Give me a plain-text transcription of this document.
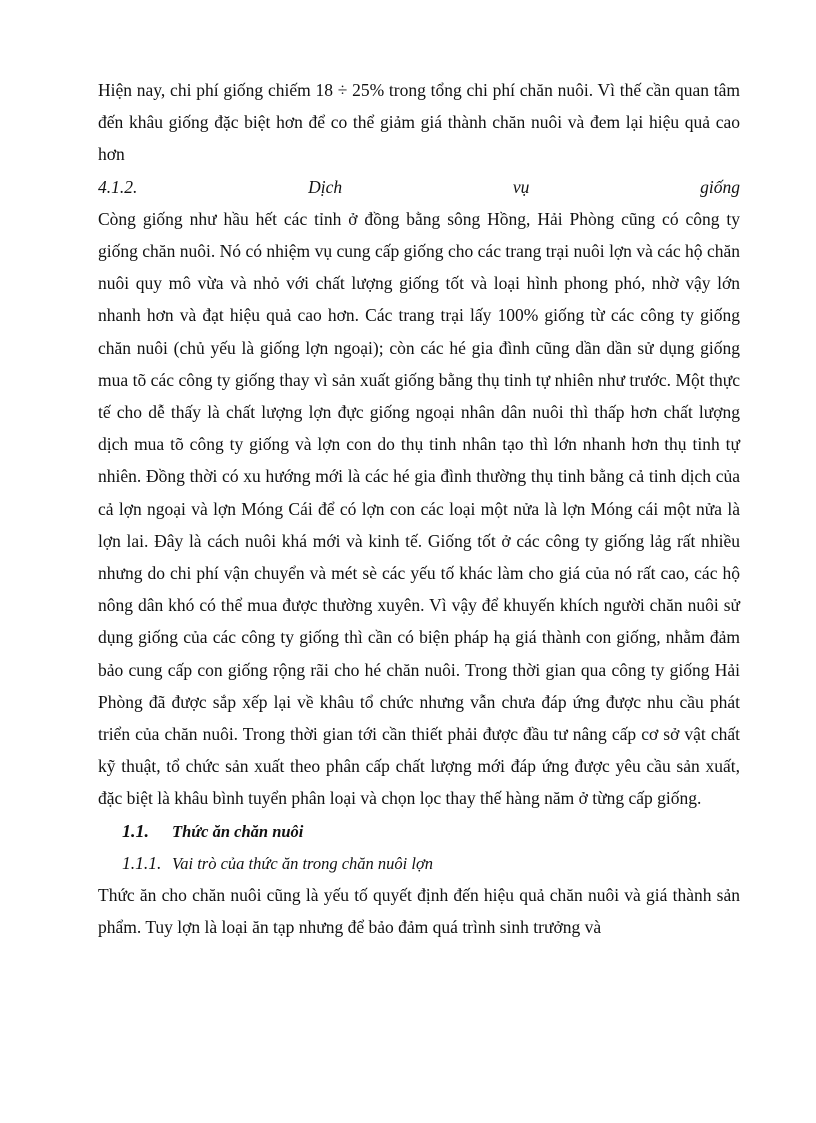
Hiện nay, chi phí giống chiếm 18 ÷ 25% trong tổng chi phí chăn nuôi. Vì thế cần quan tâm đến khâu giống đặc biệt hơn để co thể giảm giá thành chăn nuôi và đem lại hiệu quả cao hơn

4.1.2.	Dịch	vụ	giống

Còng giống như hầu hết các tỉnh ở đồng bằng sông Hồng, Hải Phòng cũng có công ty giống chăn nuôi. Nó có nhiệm vụ cung cấp giống cho các trang trại nuôi lợn và các hộ chăn nuôi quy mô vừa và nhỏ với chất lượng giống tốt và loại hình phong phó, nhờ vậy lớn nhanh hơn và đạt hiệu quả cao hơn. Các trang trại lấy 100% giống từ các công ty giống chăn nuôi (chủ yếu là giống lợn ngoại); còn các hé gia đình cũng dần dần sử dụng giống mua tõ các công ty giống thay vì sản xuất giống bằng thụ tinh tự nhiên như trước. Một thực tế cho dễ thấy là chất lượng lợn đực giống ngoại nhân dân nuôi thì thấp hơn chất lượng dịch mua tõ công ty giống và lợn con do thụ tinh nhân tạo thì lớn nhanh hơn thụ tinh tự nhiên. Đồng thời có xu hướng mới là các hé gia đình thường thụ tinh bằng cả tinh dịch của cả lợn ngoại và lợn Móng Cái để có lợn con các loại một nửa là lợn Móng cái một nửa là lợn lai. Đây là cách nuôi khá mới và kinh tế. Giống tốt ở các công ty giống lảg rất nhiều nhưng do chi phí vận chuyển và mét sè các yếu tố khác làm cho giá của nó rất cao, các hộ nông dân khó có thể mua được thường xuyên. Vì vậy để khuyến khích người chăn nuôi sử dụng giống của các công ty giống thì cần có biện pháp hạ giá thành con giống, nhằm đảm bảo cung cấp con giống rộng rãi cho hé chăn nuôi. Trong thời gian qua công ty giống Hải Phòng đã được sắp xếp lại về khâu tổ chức nhưng vẫn chưa đáp ứng được nhu cầu phát triển của chăn nuôi. Trong thời gian tới cần thiết phải được đầu tư nâng cấp cơ sở vật chất kỹ thuật, tổ chức sản xuất theo phân cấp chất lượng mới đáp ứng được yêu cầu sản xuất, đặc biệt là khâu bình tuyển phân loại và chọn lọc thay thế hàng năm ở từng cấp giống.

1.1.	Thức ăn chăn nuôi
1.1.1. Vai trò của thức ăn trong chăn nuôi lợn

Thức ăn cho chăn nuôi cũng là yếu tố quyết định đến hiệu quả chăn nuôi và giá thành sản phẩm. Tuy lợn là loại ăn tạp nhưng để bảo đảm quá trình sinh trưởng và
